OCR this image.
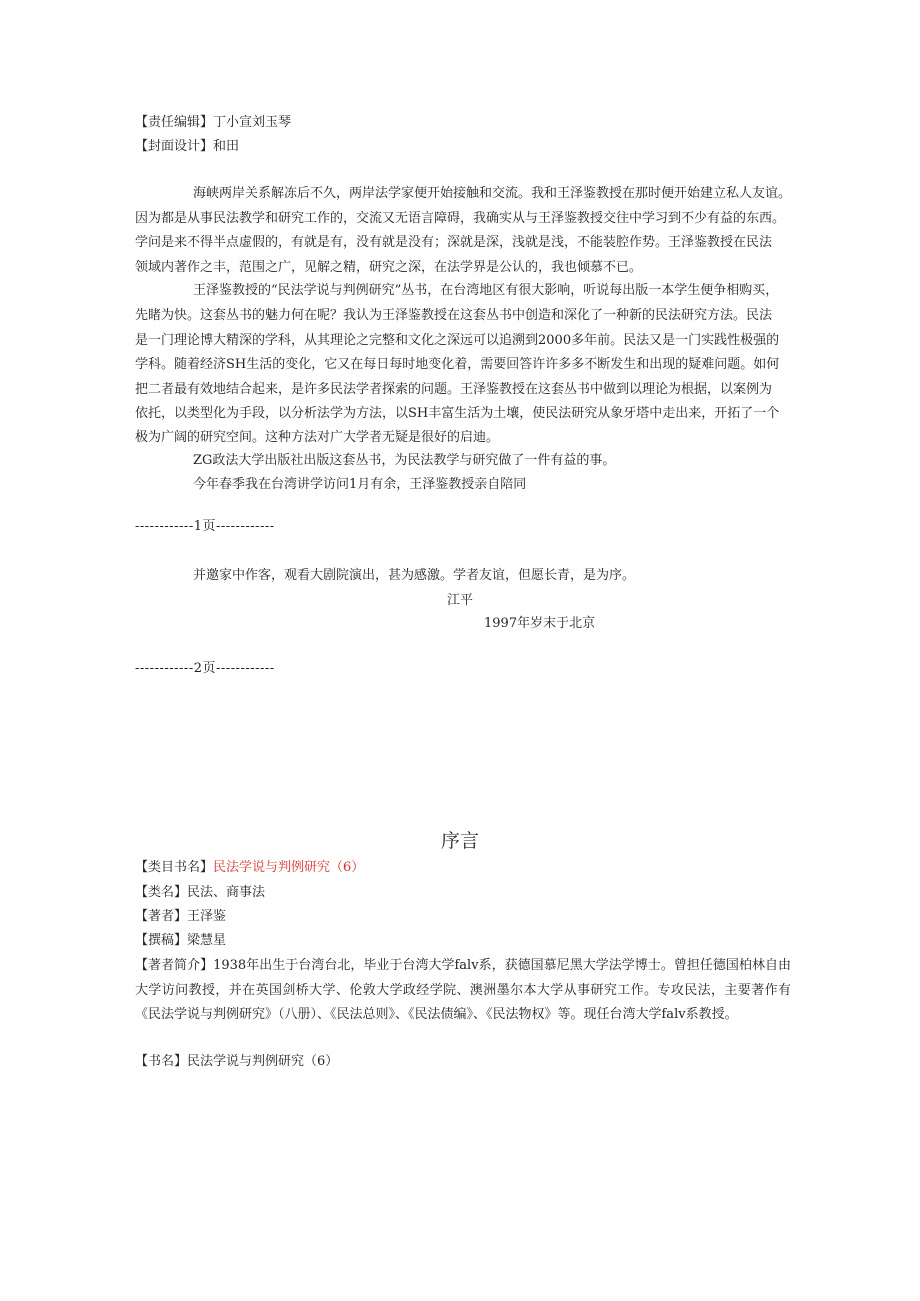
【责任编辑】丁小宣刘玉琴
【封面设计】和田
海峡两岸关系解冻后不久，两岸法学家便开始接触和交流。我和王泽鉴教授在那时便开始建立私人友谊。
因为都是从事民法教学和研究工作的，交流又无语言障碍，我确实从与王泽鉴教授交往中学习到不少有益的东西。
学问是来不得半点虚假的，有就是有，没有就是没有；深就是深，浅就是浅，不能装腔作势。王泽鉴教授在民法
领域内著作之丰，范围之广，见解之精，研究之深，在法学界是公认的，我也倾慕不已。
王泽鉴教授的“民法学说与判例研究”丛书，在台湾地区有很大影响，听说每出版一本学生便争相购买，
先睹为快。这套丛书的魅力何在呢？我认为王泽鉴教授在这套丛书中创造和深化了一种新的民法研究方法。民法
是一门理论博大精深的学科，从其理论之完整和文化之深远可以追溯到2000多年前。民法又是一门实践性极强的
学科。随着经济SH生活的变化，它又在每日每时地变化着，需要回答许许多多不断发生和出现的疑难问题。如何
把二者最有效地结合起来，是许多民法学者探索的问题。王泽鉴教授在这套丛书中做到以理论为根据，以案例为
依托，以类型化为手段，以分析法学为方法，以SH丰富生活为土壤，使民法研究从象牙塔中走出来，开拓了一个
极为广阔的研究空间。这种方法对广大学者无疑是很好的启迪。
ZG政法大学出版社出版这套丛书，为民法教学与研究做了一件有益的事。
今年春季我在台湾讲学访问1月有余，王泽鉴教授亲自陪同
------------1页------------
并邀家中作客，观看大剧院演出，甚为感激。学者友谊，但愿长青，是为序。
江平
1997年岁末于北京
------------2页------------
序言
【类目书名】民法学说与判例研究（6）
【类名】民法、商事法
【著者】王泽鉴
【撰稿】梁慧星
【著者简介】1938年出生于台湾台北，毕业于台湾大学falv系，获德国慕尼黑大学法学博士。曾担任德国柏林自由大学访问教授，并在英国剑桥大学、伦敦大学政经学院、澳洲墨尔本大学从事研究工作。专攻民法，主要著作有《民法学说与判例研究》（八册）、《民法总则》、《民法债编》、《民法物权》等。现任台湾大学falv系教授。
【书名】民法学说与判例研究（6）
